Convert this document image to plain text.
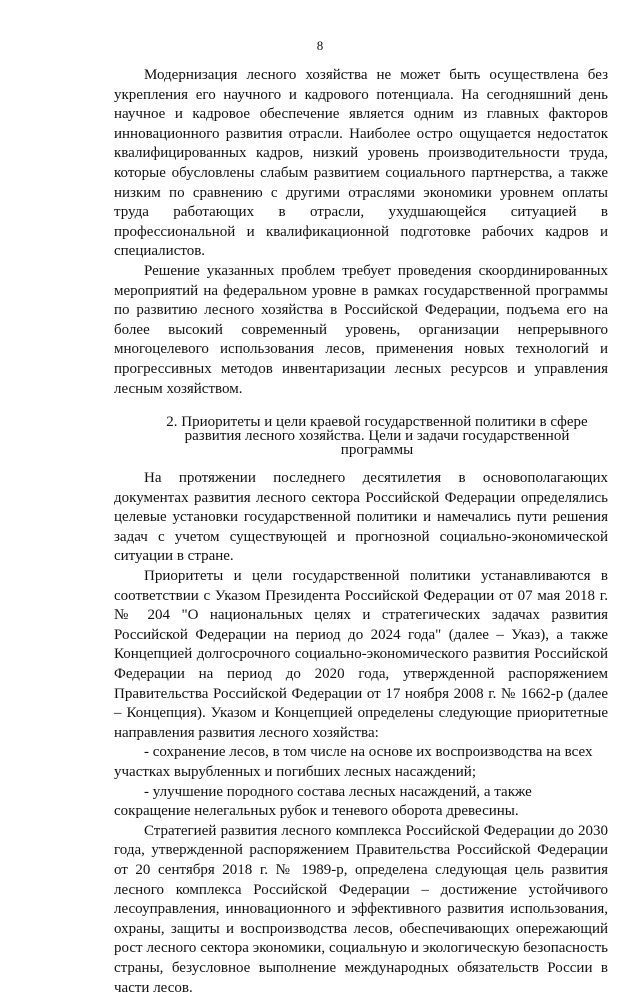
8

Модернизация лесного хозяйства не может быть осуществлена без укрепления его научного и кадрового потенциала. На сегодняшний день научное и кадровое обеспечение является одним из главных факторов инновационного развития отрасли. Наиболее остро ощущается недостаток квалифицированных кадров, низкий уровень производительности труда, которые обусловлены слабым развитием социального партнерства, а также низким по сравнению с другими отраслями экономики уровнем оплаты труда работающих в отрасли, ухудшающейся ситуацией в профессиональной и квалификационной подготовке рабочих кадров и специалистов.

Решение указанных проблем требует проведения скоординированных мероприятий на федеральном уровне в рамках государственной программы по развитию лесного хозяйства в Российской Федерации, подъема его на более высокий современный уровень, организации непрерывного многоцелевого использования лесов, применения новых технологий и прогрессивных методов инвентаризации лесных ресурсов и управления лесным хозяйством.

2. Приоритеты и цели краевой государственной политики в сфере развития лесного хозяйства. Цели и задачи государственной программы

На протяжении последнего десятилетия в основополагающих документах развития лесного сектора Российской Федерации определялись целевые установки государственной политики и намечались пути решения задач с учетом существующей и прогнозной социально-экономической ситуации в стране.

Приоритеты и цели государственной политики устанавливаются в соответствии с Указом Президента Российской Федерации от 07 мая 2018 г. № 204 "О национальных целях и стратегических задачах развития Российской Федерации на период до 2024 года" (далее – Указ), а также Концепцией долгосрочного социально-экономического развития Российской Федерации на период до 2020 года, утвержденной распоряжением Правительства Российской Федерации от 17 ноября 2008 г. № 1662-р (далее – Концепция). Указом и Концепцией определены следующие приоритетные направления развития лесного хозяйства:

- сохранение лесов, в том числе на основе их воспроизводства на всех участках вырубленных и погибших лесных насаждений;

- улучшение породного состава лесных насаждений, а также сокращение нелегальных рубок и теневого оборота древесины.

Стратегией развития лесного комплекса Российской Федерации до 2030 года, утвержденной распоряжением Правительства Российской Федерации от 20 сентября 2018 г. № 1989-р, определена следующая цель развития лесного комплекса Российской Федерации – достижение устойчивого лесоуправления, инновационного и эффективного развития использования, охраны, защиты и воспроизводства лесов, обеспечивающих опережающий рост лесного сектора экономики, социальную и экологическую безопасность страны, безусловное выполнение международных обязательств России в части лесов.
